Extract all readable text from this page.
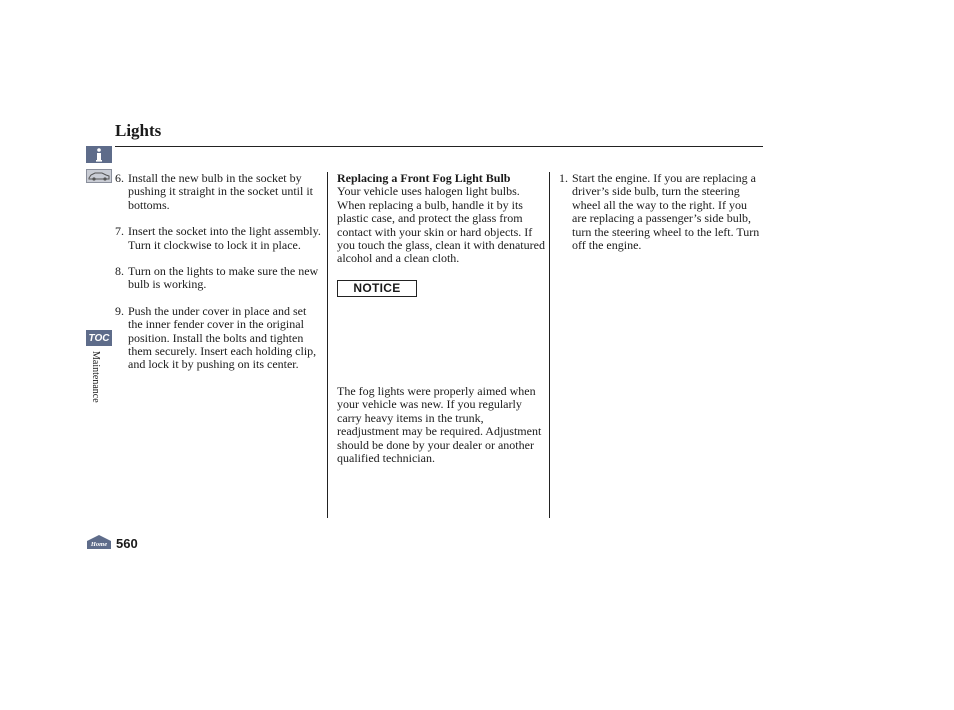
Lights
TOC
Maintenance
6. Install the new bulb in the socket by pushing it straight in the socket until it bottoms.
7. Insert the socket into the light assembly. Turn it clockwise to lock it in place.
8. Turn on the lights to make sure the new bulb is working.
9. Push the under cover in place and set the inner fender cover in the original position. Install the bolts and tighten them securely. Insert each holding clip, and lock it by pushing on its center.
Replacing a Front Fog Light Bulb
Your vehicle uses halogen light bulbs. When replacing a bulb, handle it by its plastic case, and protect the glass from contact with your skin or hard objects. If you touch the glass, clean it with denatured alcohol and a clean cloth.
NOTICE
The fog lights were properly aimed when your vehicle was new. If you regularly carry heavy items in the trunk, readjustment may be required. Adjustment should be done by your dealer or another qualified technician.
1. Start the engine. If you are replacing a driver’s side bulb, turn the steering wheel all the way to the right. If you are replacing a passenger’s side bulb, turn the steering wheel to the left. Turn off the engine.
Home 560
